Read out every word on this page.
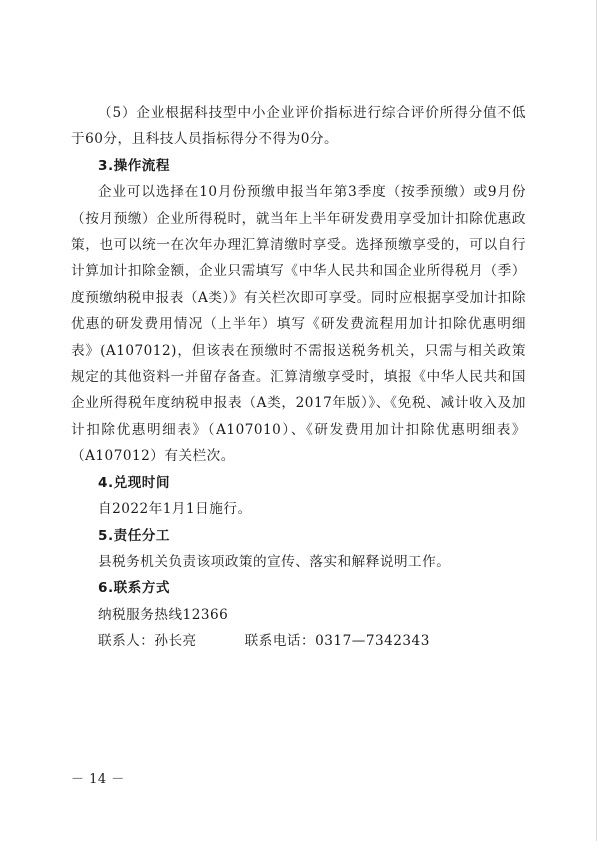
（5）企业根据科技型中小企业评价指标进行综合评价所得分值不低于60分，且科技人员指标得分不得为0分。

3.操作流程

企业可以选择在10月份预缴申报当年第3季度（按季预缴）或9月份（按月预缴）企业所得税时，就当年上半年研发费用享受加计扣除优惠政策，也可以统一在次年办理汇算清缴时享受。选择预缴享受的，可以自行计算加计扣除金额，企业只需填写《中华人民共和国企业所得税月（季）度预缴纳税申报表（A类）》有关栏次即可享受。同时应根据享受加计扣除优惠的研发费用情况（上半年）填写《研发费流程用加计扣除优惠明细表》(A107012)，但该表在预缴时不需报送税务机关，只需与相关政策规定的其他资料一并留存备查。汇算清缴享受时，填报《中华人民共和国企业所得税年度纳税申报表（A类，2017年版）》、《免税、减计收入及加计扣除优惠明细表》（A107010）、《研发费用加计扣除优惠明细表》（A107012）有关栏次。

4.兑现时间

自2022年1月1日施行。

5.责任分工

县税务机关负责该项政策的宣传、落实和解释说明工作。

6.联系方式

纳税服务热线12366

联系人：孙长亮	联系电话：0317—7342343

－ 14 －
